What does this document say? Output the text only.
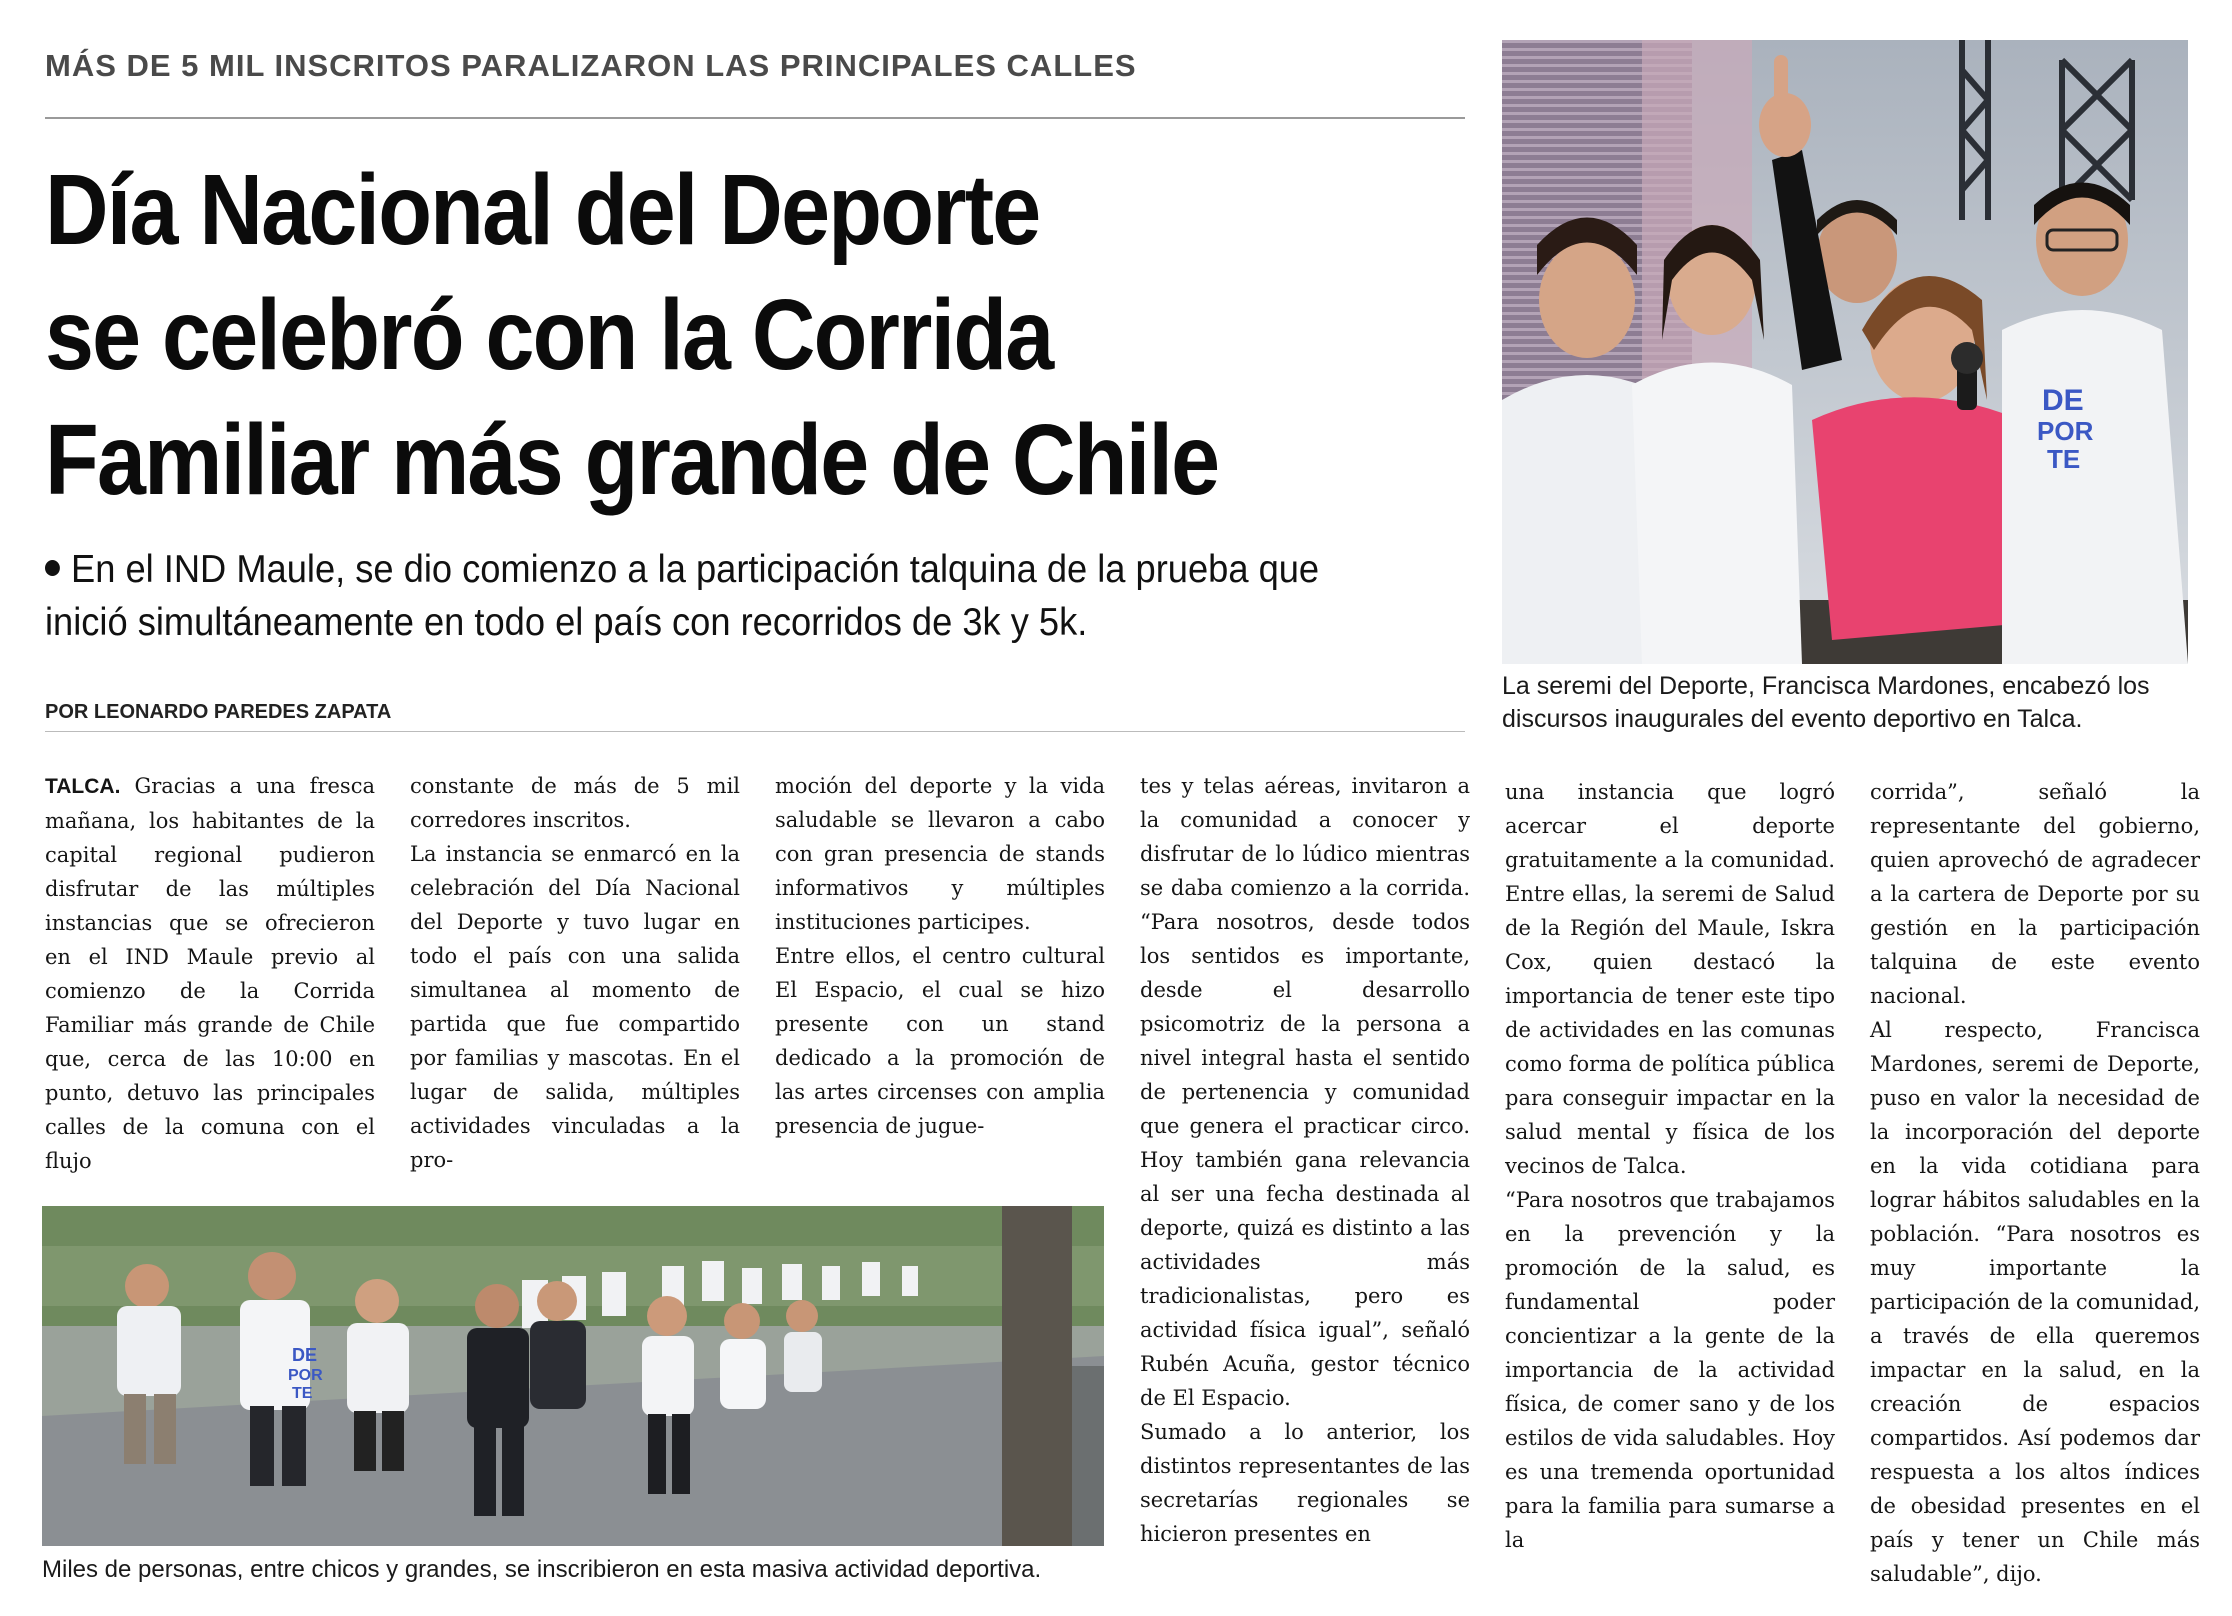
MÁS DE 5 MIL INSCRITOS PARALIZARON LAS PRINCIPALES CALLES
Día Nacional del Deporte
se celebró con la Corrida
Familiar más grande de Chile
En el IND Maule, se dio comienzo a la participación talquina de la prueba que
inició simultáneamente en todo el país con recorridos de 3k y 5k.
POR LEONARDO PAREDES ZAPATA
DE
POR
TE
La seremi del Deporte, Francisca Mardones, encabezó los
discursos inaugurales del evento deportivo en Talca.

TALCA. Gracias a una fresca mañana, los habitantes de la capital regional pudieron disfrutar de las múltiples instancias que se ofrecieron en el IND Maule previo al comienzo de la Corrida Familiar más grande de Chile que, cerca de las 10:00 en punto, detuvo las principales calles de la comuna con el flujo

constante de más de 5 mil corredores inscritos.

La instancia se enmarcó en la celebración del Día Nacional del Deporte y tuvo lugar en todo el país con una salida simultanea al momento de partida que fue compartido por familias y mascotas. En el lugar de salida, múltiples actividades vinculadas a la pro-

moción del deporte y la vida saludable se llevaron a cabo con gran presencia de stands informativos y múltiples instituciones participes.

Entre ellos, el centro cultural El Espacio, el cual se hizo presente con un stand dedicado a la promoción de las artes circenses con amplia presencia de jugue-

tes y telas aéreas, invitaron a la comunidad a conocer y disfrutar de lo lúdico mientras se daba comienzo a la corrida. “Para nosotros, desde todos los sentidos es importante, desde el desarrollo psicomotriz de la persona a nivel integral hasta el sentido de pertenencia y comunidad que genera el practicar circo. Hoy también gana relevancia al ser una fecha destinada al deporte, quizá es distinto a las actividades más tradicionalistas, pero es actividad física igual”, señaló Rubén Acuña, gestor técnico de El Espacio.

Sumado a lo anterior, los distintos representantes de las secretarías regionales se hicieron presentes en

una instancia que logró acercar el deporte gratuitamente a la comunidad. Entre ellas, la seremi de Salud de la Región del Maule, Iskra Cox, quien destacó la importancia de tener este tipo de actividades en las comunas como forma de política pública para conseguir impactar en la salud mental y física de los vecinos de Talca.

“Para nosotros que trabajamos en la prevención y la promoción de la salud, es fundamental poder concientizar a la gente de la importancia de la actividad física, de comer sano y de los estilos de vida saludables. Hoy es una tremenda oportunidad para la familia para sumarse a la

corrida”, señaló la representante del gobierno, quien aprovechó de agradecer a la cartera de Deporte por su gestión en la participación talquina de este evento nacional.

Al respecto, Francisca Mardones, seremi de Deporte, puso en valor la necesidad de la incorporación del deporte en la vida cotidiana para lograr hábitos saludables en la población. “Para nosotros es muy importante la participación de la comunidad, a través de ella queremos impactar en la salud, en la creación de espacios compartidos. Así podemos dar respuesta a los altos índices de obesidad presentes en el país y tener un Chile más saludable”, dijo.

DE
POR
TE
Miles de personas, entre chicos y grandes, se inscribieron en esta masiva actividad deportiva.
